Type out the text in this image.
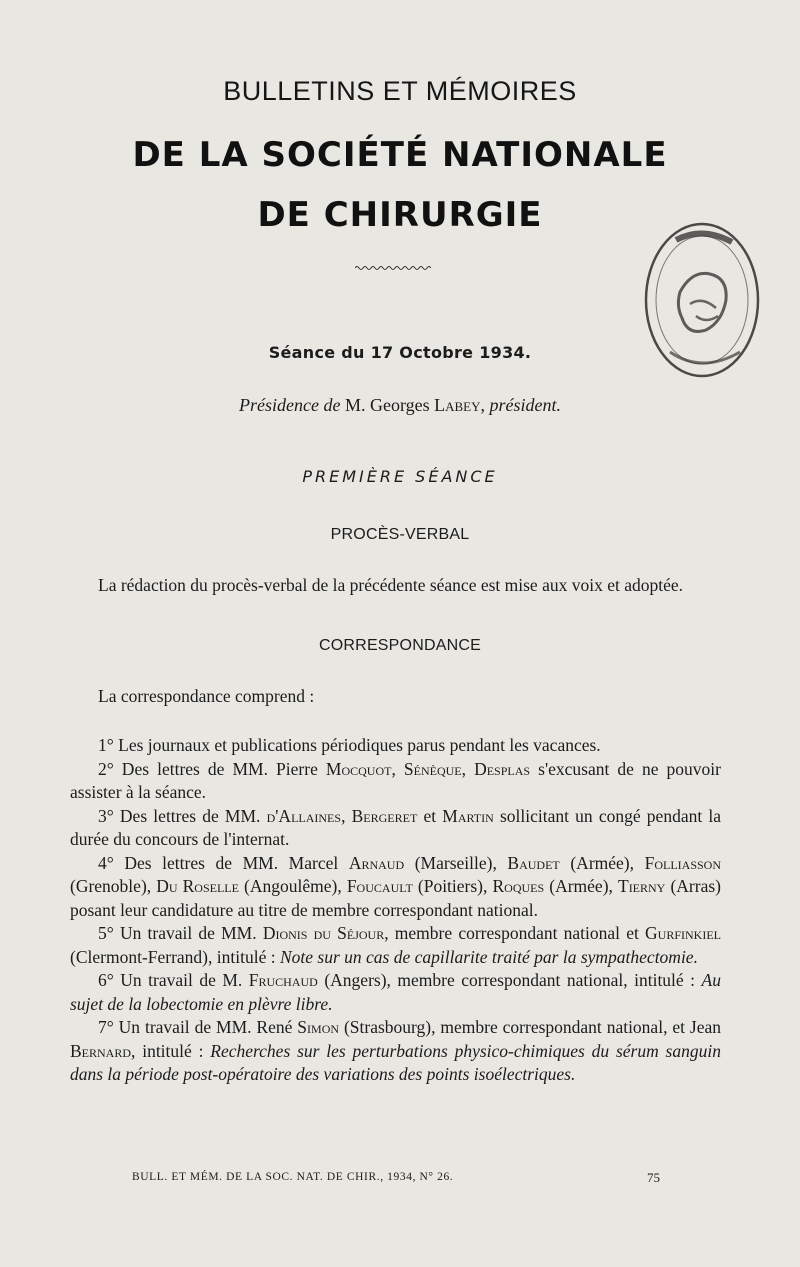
BULLETINS ET MÉMOIRES
DE LA SOCIÉTÉ NATIONALE
DE CHIRURGIE
Séance du 17 Octobre 1934.
Présidence de M. Georges Labey, président.
PREMIÈRE SÉANCE
PROCÈS-VERBAL
La rédaction du procès-verbal de la précédente séance est mise aux voix et adoptée.
CORRESPONDANCE
La correspondance comprend :

1° Les journaux et publications périodiques parus pendant les vacances.

2° Des lettres de MM. Pierre Mocquot, Sénèque, Desplas s'excusant de ne pouvoir assister à la séance.

3° Des lettres de MM. d'Allaines, Bergeret et Martin sollicitant un congé pendant la durée du concours de l'internat.

4° Des lettres de MM. Marcel Arnaud (Marseille), Baudet (Armée), Folliasson (Grenoble), Du Roselle (Angoulême), Foucault (Poitiers), Roques (Armée), Tierny (Arras) posant leur candidature au titre de membre correspondant national.

5° Un travail de MM. Dionis du Séjour, membre correspondant national et Gurfinkiel (Clermont-Ferrand), intitulé : Note sur un cas de capillarite traité par la sympathectomie.

6° Un travail de M. Fruchaud (Angers), membre correspondant national, intitulé : Au sujet de la lobectomie en plèvre libre.

7° Un travail de MM. René Simon (Strasbourg), membre correspondant national, et Jean Bernard, intitulé : Recherches sur les perturbations physico-chimiques du sérum sanguin dans la période post-opératoire des variations des points isoélectriques.

BULL. ET MÉM. DE LA SOC. NAT. DE CHIR., 1934, N° 26.	75
